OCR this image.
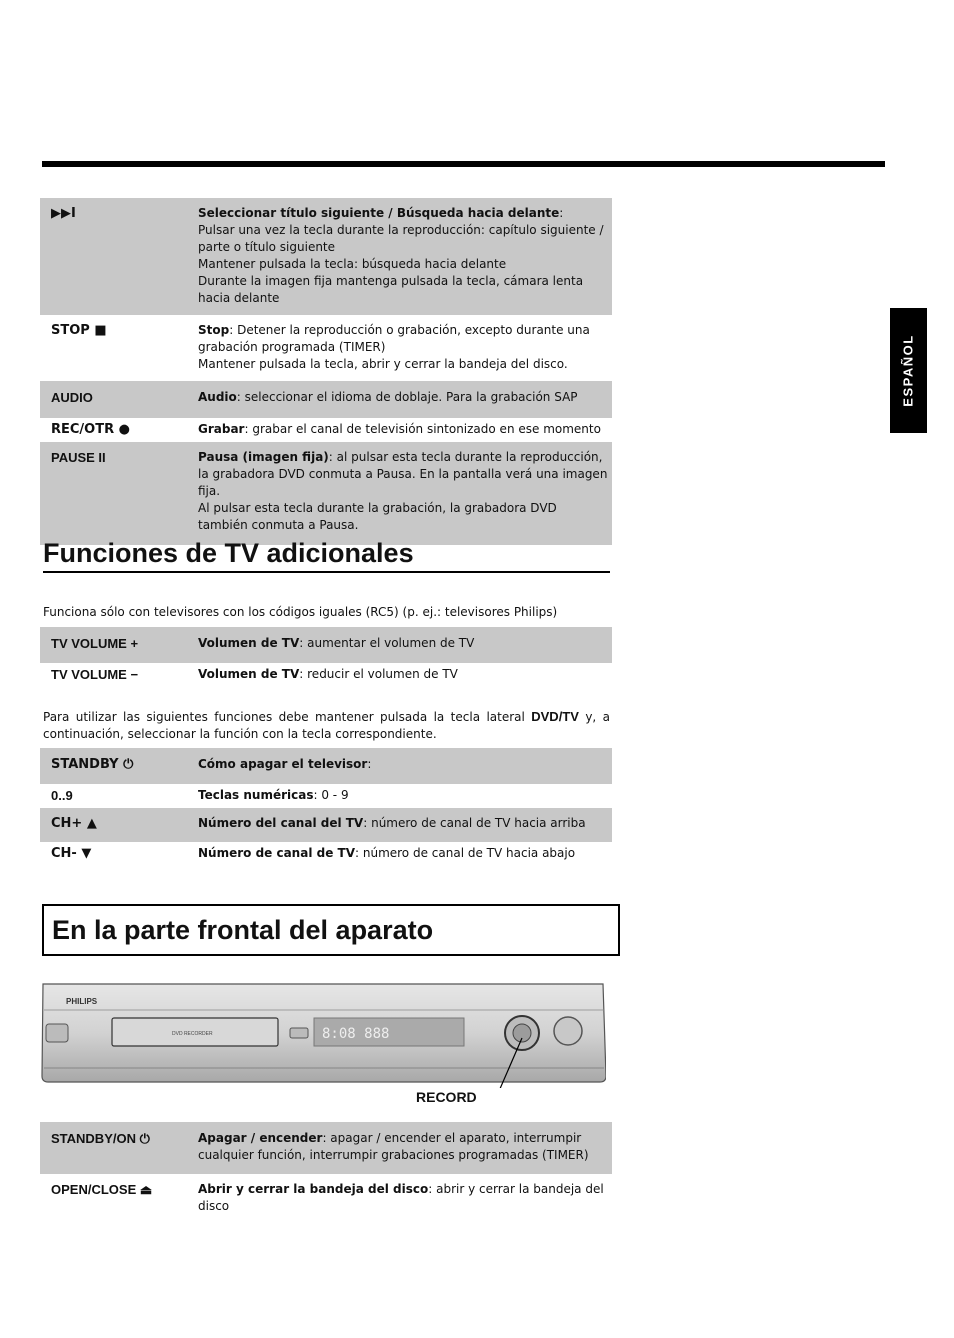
ESPAÑOL
▶▶I	Seleccionar título siguiente / Búsqueda hacia delante:
Pulsar una vez la tecla durante la reproducción: capítulo siguiente / parte o título siguiente
Mantener pulsada la tecla: búsqueda hacia delante
Durante la imagen fija mantenga pulsada la tecla, cámara lenta hacia delante
STOP ■	Stop: Detener la reproducción o grabación, excepto durante una grabación programada (TIMER)
Mantener pulsada la tecla, abrir y cerrar la bandeja del disco.
AUDIO	Audio: seleccionar el idioma de doblaje. Para la grabación SAP
REC/OTR ●	Grabar: grabar el canal de televisión sintonizado en ese momento
PAUSE II	Pausa (imagen fija): al pulsar esta tecla durante la reproducción, la grabadora DVD conmuta a Pausa. En la pantalla verá una imagen fija.
Al pulsar esta tecla durante la grabación, la grabadora DVD también conmuta a Pausa.
Funciones de TV adicionales
Funciona sólo con televisores con los códigos iguales (RC5) (p. ej.: televisores Philips)
TV VOLUME +	Volumen de TV: aumentar el volumen de TV
TV VOLUME −	Volumen de TV: reducir el volumen de TV
Para utilizar las siguientes funciones debe mantener pulsada la tecla lateral DVD/TV y, a continuación, seleccionar la función con la tecla correspondiente.
STANDBY ⏻	Cómo apagar el televisor:
0..9	Teclas numéricas: 0 - 9
CH+ ▲	Número del canal del TV: número de canal de TV hacia arriba
CH- ▼	Número de canal de TV: número de canal de TV hacia abajo
En la parte frontal del aparato
PHILIPS
DVD RECORDER	8:08 888
RECORD
STANDBY/ON ⏻	Apagar / encender: apagar / encender el aparato, interrumpir cualquier función, interrumpir grabaciones programadas (TIMER)
OPEN/CLOSE ⏏	Abrir y cerrar la bandeja del disco: abrir y cerrar la bandeja del disco
